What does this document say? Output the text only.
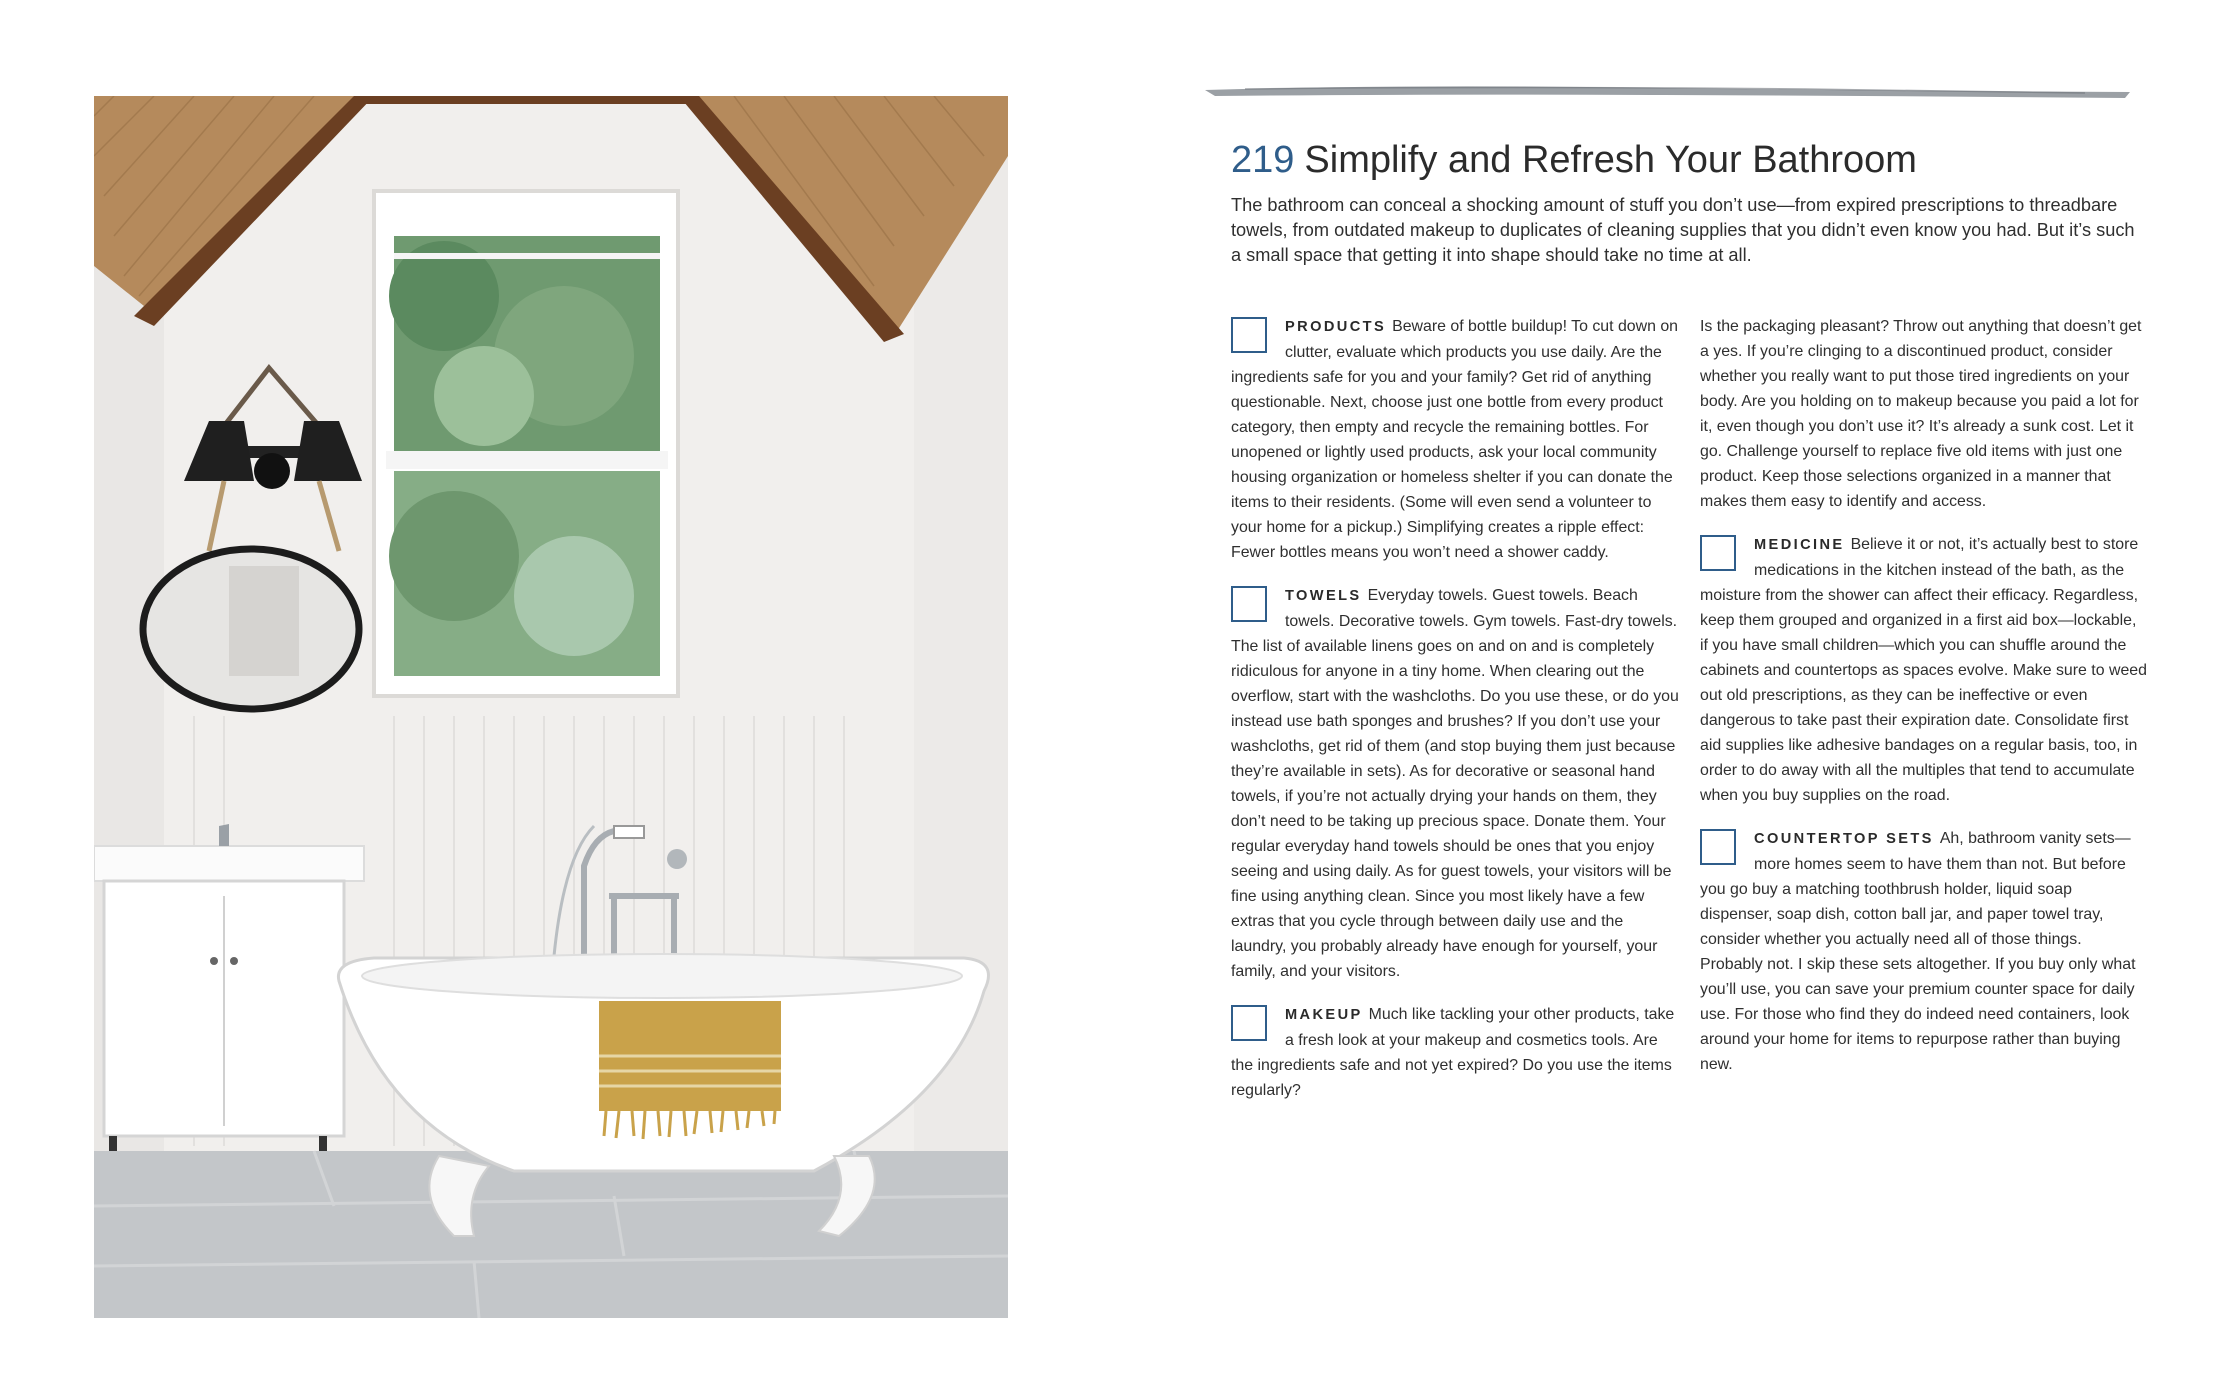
219 Simplify and Refresh Your Bathroom

The bathroom can conceal a shocking amount of stuff you don’t use—from expired prescriptions to threadbare towels, from outdated makeup to duplicates of cleaning supplies that you didn’t even know you had. But it’s such a small space that getting it into shape should take no time at all.

PRODUCTS Beware of bottle buildup! To cut down on clutter, evaluate which products you use daily. Are the ingredients safe for you and your family? Get rid of anything questionable. Next, choose just one bottle from every product category, then empty and recycle the remaining bottles. For unopened or lightly used products, ask your local community housing organization or homeless shelter if you can donate the items to their residents. (Some will even send a volunteer to your home for a pickup.) Simplifying creates a ripple effect: Fewer bottles means you won’t need a shower caddy.
TOWELS Everyday towels. Guest towels. Beach towels. Decorative towels. Gym towels. Fast-dry towels. The list of available linens goes on and on and is completely ridiculous for anyone in a tiny home. When clearing out the overflow, start with the washcloths. Do you use these, or do you instead use bath sponges and brushes? If you don’t use your washcloths, get rid of them (and stop buying them just because they’re available in sets). As for decorative or seasonal hand towels, if you’re not actually drying your hands on them, they don’t need to be taking up precious space. Donate them. Your regular everyday hand towels should be ones that you enjoy seeing and using daily. As for guest towels, your visitors will be fine using anything clean. Since you most likely have a few extras that you cycle through between daily use and the laundry, you probably already have enough for yourself, your family, and your visitors.
MAKEUP Much like tackling your other products, take a fresh look at your makeup and cosmetics tools. Are the ingredients safe and not yet expired? Do you use the items regularly?

Is the packaging pleasant? Throw out anything that doesn’t get a yes. If you’re clinging to a discontinued product, consider whether you really want to put those tired ingredients on your body. Are you holding on to makeup because you paid a lot for it, even though you don’t use it? It’s already a sunk cost. Let it go. Challenge yourself to replace five old items with just one product. Keep those selections organized in a manner that makes them easy to identify and access.

MEDICINE Believe it or not, it’s actually best to store medications in the kitchen instead of the bath, as the moisture from the shower can affect their efficacy. Regardless, keep them grouped and organized in a first aid box—lockable, if you have small children—which you can shuffle around the cabinets and countertops as spaces evolve. Make sure to weed out old prescriptions, as they can be ineffective or even dangerous to take past their expiration date. Consolidate first aid supplies like adhesive bandages on a regular basis, too, in order to do away with all the multiples that tend to accumulate when you buy supplies on the road.
COUNTERTOP SETS Ah, bathroom vanity sets—more homes seem to have them than not. But before you go buy a matching toothbrush holder, liquid soap dispenser, soap dish, cotton ball jar, and paper towel tray, consider whether you actually need all of those things. Probably not. I skip these sets altogether. If you buy only what you’ll use, you can save your premium counter space for daily use. For those who find they do indeed need containers, look around your home for items to repurpose rather than buying new.
